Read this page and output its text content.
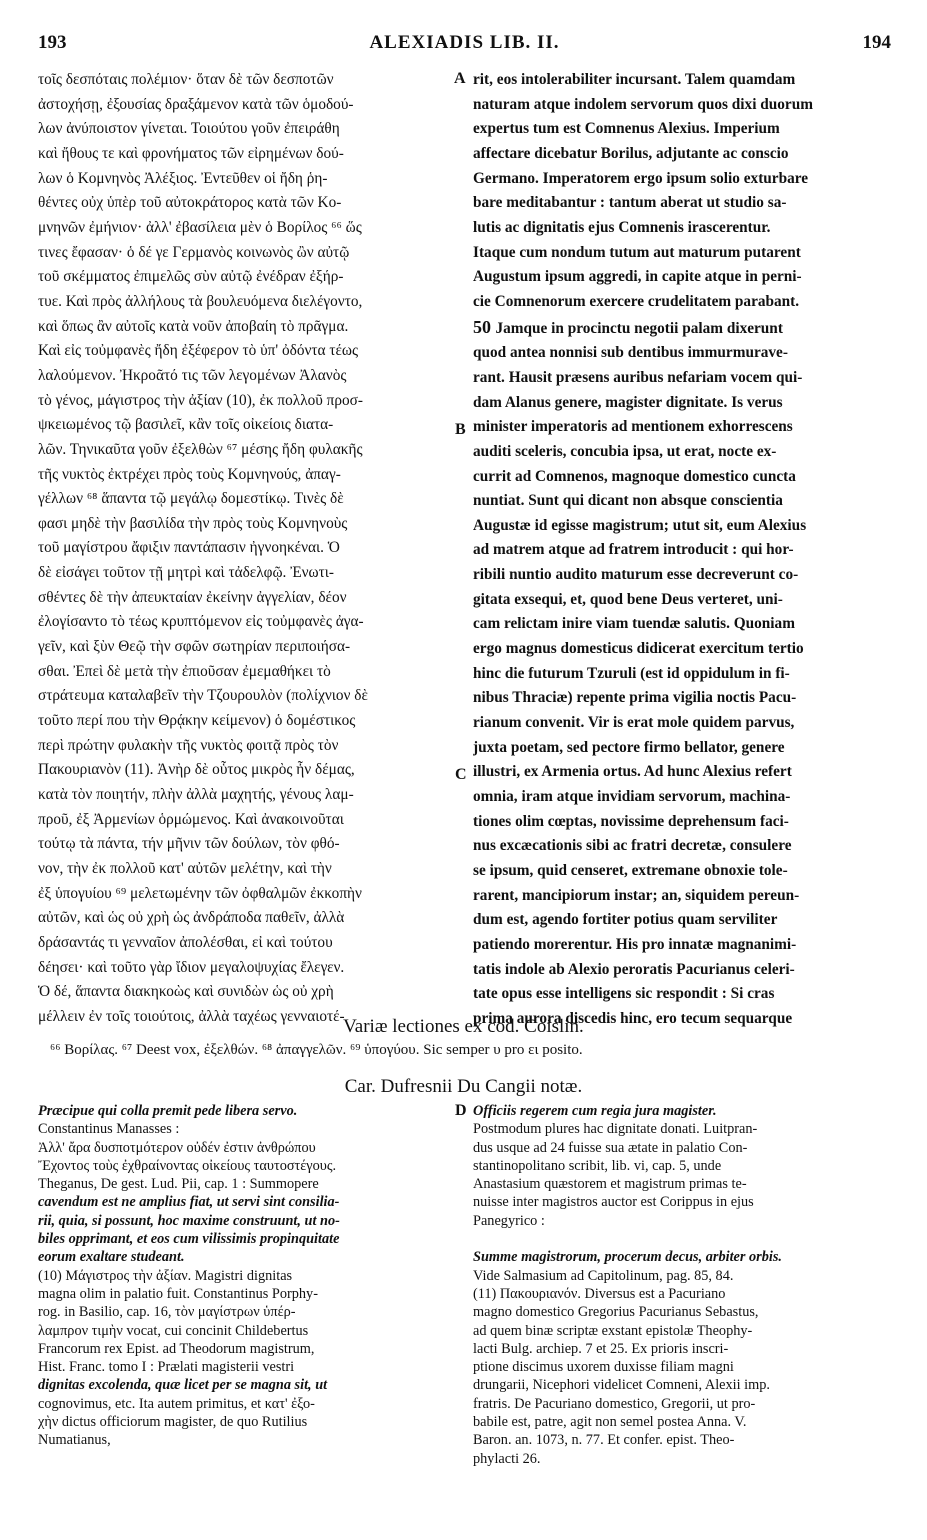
193	ALEXIADIS LIB. II.	194
τοῖς δεσπόταις πολέμιον· ὅταν δὲ τῶν δεσποτῶν
ἀστοχήσῃ, ἐξουσίας δραξάμενον κατὰ τῶν ὁμοδού-
λων ἀνύποιστον γίνεται. Τοιούτου γοῦν ἐπειράθη
καὶ ἤθους τε καὶ φρονήματος τῶν εἰρημένων δού-
λων ὁ Κομνηνὸς Ἀλέξιος. Ἐντεῦθεν οἱ ἤδη ῥη-
θέντες οὐχ ὑπὲρ τοῦ αὐτοκράτορος κατὰ τῶν Κο-
μνηνῶν ἐμήνιον· ἀλλ' ἐβασίλεια μὲν ὁ Βορίλος ⁶⁶ ὥς
τινες ἔφασαν· ὁ δέ γε Γερμανὸς κοινωνὸς ὢν αὐτῷ
τοῦ σκέμματος ἐπιμελῶς σὺν αὐτῷ ἐνέδραν ἐξήρ-
τυε. Καὶ πρὸς ἀλλήλους τὰ βουλευόμενα διελέγοντο,
καὶ ὅπως ἂν αὐτοῖς κατὰ νοῦν ἀποβαίη τὸ πρᾶγμα.
Καὶ εἰς τοὐμφανὲς ἤδη ἐξέφερον τὸ ὑπ' ὀδόντα τέως
λαλούμενον. Ἠκροᾶτό τις τῶν λεγομένων Ἀλανὸς
τὸ γένος, μάγιστρος τὴν ἀξίαν (10), ἐκ πολλοῦ προσ-
ψκειωμένος τῷ βασιλεῖ, κἂν τοῖς οἰκείοις διατα-
λῶν. Τηνικαῦτα γοῦν ἐξελθὼν ⁶⁷ μέσης ἤδη φυλακῆς
τῆς νυκτὸς ἐκτρέχει πρὸς τοὺς Κομνηνούς, ἀπαγ-
γέλλων ⁶⁸ ἅπαντα τῷ μεγάλῳ δομεστίκῳ. Τινὲς δὲ
φασι μηδὲ τὴν βασιλίδα τὴν πρὸς τοὺς Κομνηνοὺς
τοῦ μαγίστρου ἄφιξιν παντάπασιν ἠγνοηκέναι. Ὁ
δὲ εἰσάγει τοῦτον τῇ μητρὶ καὶ τἀδελφῷ. Ἐνωτι-
σθέντες δὲ τὴν ἀπευκταίαν ἐκείνην ἀγγελίαν, δέον
ἐλογίσαντο τὸ τέως κρυπτόμενον εἰς τοὐμφανὲς ἀγα-
γεῖν, καὶ ξὺν Θεῷ τὴν σφῶν σωτηρίαν περιποιήσα-
σθαι. Ἐπεὶ δὲ μετὰ τὴν ἐπιοῦσαν ἐμεμαθήκει τὸ
στράτευμα καταλαβεῖν τὴν Τζουρουλὸν (πολίχνιον δὲ
τοῦτο περί που τὴν Θρᾴκην κείμενον) ὁ δομέστικος
περὶ πρώτην φυλακὴν τῆς νυκτὸς φοιτᾷ πρὸς τὸν
Πακουριανὸν (11). Ἀνὴρ δὲ οὗτος μικρὸς ἦν δέμας,
κατὰ τὸν ποιητήν, πλὴν ἀλλὰ μαχητής, γένους λαμ-
προῦ, ἐξ Ἀρμενίων ὁρμώμενος. Καὶ ἀνακοινοῦται
τούτῳ τὰ πάντα, τήν μῆνιν τῶν δούλων, τὸν φθό-
νον, τὴν ἐκ πολλοῦ κατ' αὐτῶν μελέτην, καὶ τὴν
ἐξ ὑπογυίου ⁶⁹ μελετωμένην τῶν ὀφθαλμῶν ἐκκοπὴν
αὐτῶν, καὶ ὡς οὐ χρὴ ὡς ἀνδράποδα παθεῖν, ἀλλὰ
δράσαντάς τι γενναῖον ἀπολέσθαι, εἰ καὶ τούτου
δέησει· καὶ τοῦτο γὰρ ἴδιον μεγαλοψυχίας ἔλεγεν.
Ὁ δέ, ἅπαντα διακηκοὼς καὶ συνιδὼν ὡς οὐ χρὴ
μέλλειν ἐν τοῖς τοιούτοις, ἀλλὰ ταχέως γενναιοτέ-
rit, eos intolerabiliter incursant. Talem quamdam
naturam atque indolem servorum quos dixi duorum
expertus tum est Comnenus Alexius. Imperium
affectare dicebatur Borilus, adjutante ac conscio
Germano. Imperatorem ergo ipsum solio exturbare
bare meditabantur : tantum aberat ut studio sa-
lutis ac dignitatis ejus Comnenis irascerentur.
Itaque cum nondum tutum aut maturum putarent
Augustum ipsum aggredi, in capite atque in perni-
cie Comnenorum exercere crudelitatem parabant.
50 Jamque in procinctu negotii palam dixerunt
quod antea nonnisi sub dentibus immurmurave-
rant. Hausit præsens auribus nefariam vocem qui-
dam Alanus genere, magister dignitate. Is verus
minister imperatoris ad mentionem exhorrescens
auditi sceleris, concubia ipsa, ut erat, nocte ex-
currit ad Comnenos, magnoque domestico cuncta
nuntiat. Sunt qui dicant non absque conscientia
Augustæ id egisse magistrum; utut sit, eum Alexius
ad matrem atque ad fratrem introducit : qui hor-
ribili nuntio audito maturum esse decreverunt co-
gitata exsequi, et, quod bene Deus verteret, uni-
cam relictam inire viam tuendæ salutis. Quoniam
ergo magnus domesticus didicerat exercitum tertio
hinc die futurum Tzuruli (est id oppidulum in fi-
nibus Thraciæ) repente prima vigilia noctis Pacu-
rianum convenit. Vir is erat mole quidem parvus,
juxta poetam, sed pectore firmo bellator, genere
illustri, ex Armenia ortus. Ad hunc Alexius refert
omnia, iram atque invidiam servorum, machina-
tiones olim cœptas, novissime deprehensum faci-
nus excæcationis sibi ac fratri decretæ, consulere
se ipsum, quid censeret, extremane obnoxie tole-
rarent, mancipiorum instar; an, siquidem pereun-
dum est, agendo fortiter potius quam serviliter
patiendo morerentur. His pro innatæ magnanimi-
tatis indole ab Alexio peroratis Pacurianus celeri-
tate opus esse intelligens sic respondit : Si cras
prima aurora discedis hinc, ero tecum sequarque
A
B
C
D
Variæ lectiones ex cod. Coislin.
⁶⁶ Βορίλας. ⁶⁷ Deest vox, ἐξελθών. ⁶⁸ ἀπαγγελῶν. ⁶⁹ ὑπογύου. Sic semper υ pro ει posito.
Car. Dufresnii Du Cangii notæ.
Præcipue qui colla premit pede libera servo.
Constantinus Manasses :
Ἀλλ' ἄρα δυσποτμότερον οὐδέν ἐστιν ἀνθρώπου
Ἔχοντος τοὺς ἐχθραίνοντας οἰκείους ταυτοστέγους.
Theganus, De gest. Lud. Pii, cap. 1 : Summopere
cavendum est ne amplius fiat, ut servi sint consilia-
rii, quia, si possunt, hoc maxime construunt, ut no-
biles opprimant, et eos cum vilissimis propinquitate
eorum exaltare studeant.
(10) Μάγιστρος τὴν ἀξίαν. Magistri dignitas
magna olim in palatio fuit. Constantinus Porphy-
rog. in Basilio, cap. 16, τὸν μαγίστρων ὑπέρ-
λαμπρον τιμὴν vocat, cui concinit Childebertus
Francorum rex Epist. ad Theodorum magistrum,
Hist. Franc. tomo I : Prælati magisterii vestri
dignitas excolenda, quæ licet per se magna sit, ut
cognovimus, etc. Ita autem primitus, et κατ' ἐξο-
χὴν dictus officiorum magister, de quo Rutilius
Numatianus,
Officiis regerem cum regia jura magister.
Postmodum plures hac dignitate donati. Luitpran-
dus usque ad 24 fuisse sua ætate in palatio Con-
stantinopolitano scribit, lib. vi, cap. 5, unde
Anastasium quæstorem et magistrum primas te-
nuisse inter magistros auctor est Corippus in ejus
Panegyrico :

Summe magistrorum, procerum decus, arbiter orbis.
Vide Salmasium ad Capitolinum, pag. 85, 84.
(11) Πακουριανόν. Diversus est a Pacuriano
magno domestico Gregorius Pacurianus Sebastus,
ad quem binæ scriptæ exstant epistolæ Theophy-
lacti Bulg. archiep. 7 et 25. Ex prioris inscri-
ptione discimus uxorem duxisse filiam magni
drungarii, Nicephori videlicet Comneni, Alexii imp.
fratris. De Pacuriano domestico, Gregorii, ut pro-
babile est, patre, agit non semel postea Anna. V.
Baron. an. 1073, n. 77. Et confer. epist. Theo-
phylacti 26.
